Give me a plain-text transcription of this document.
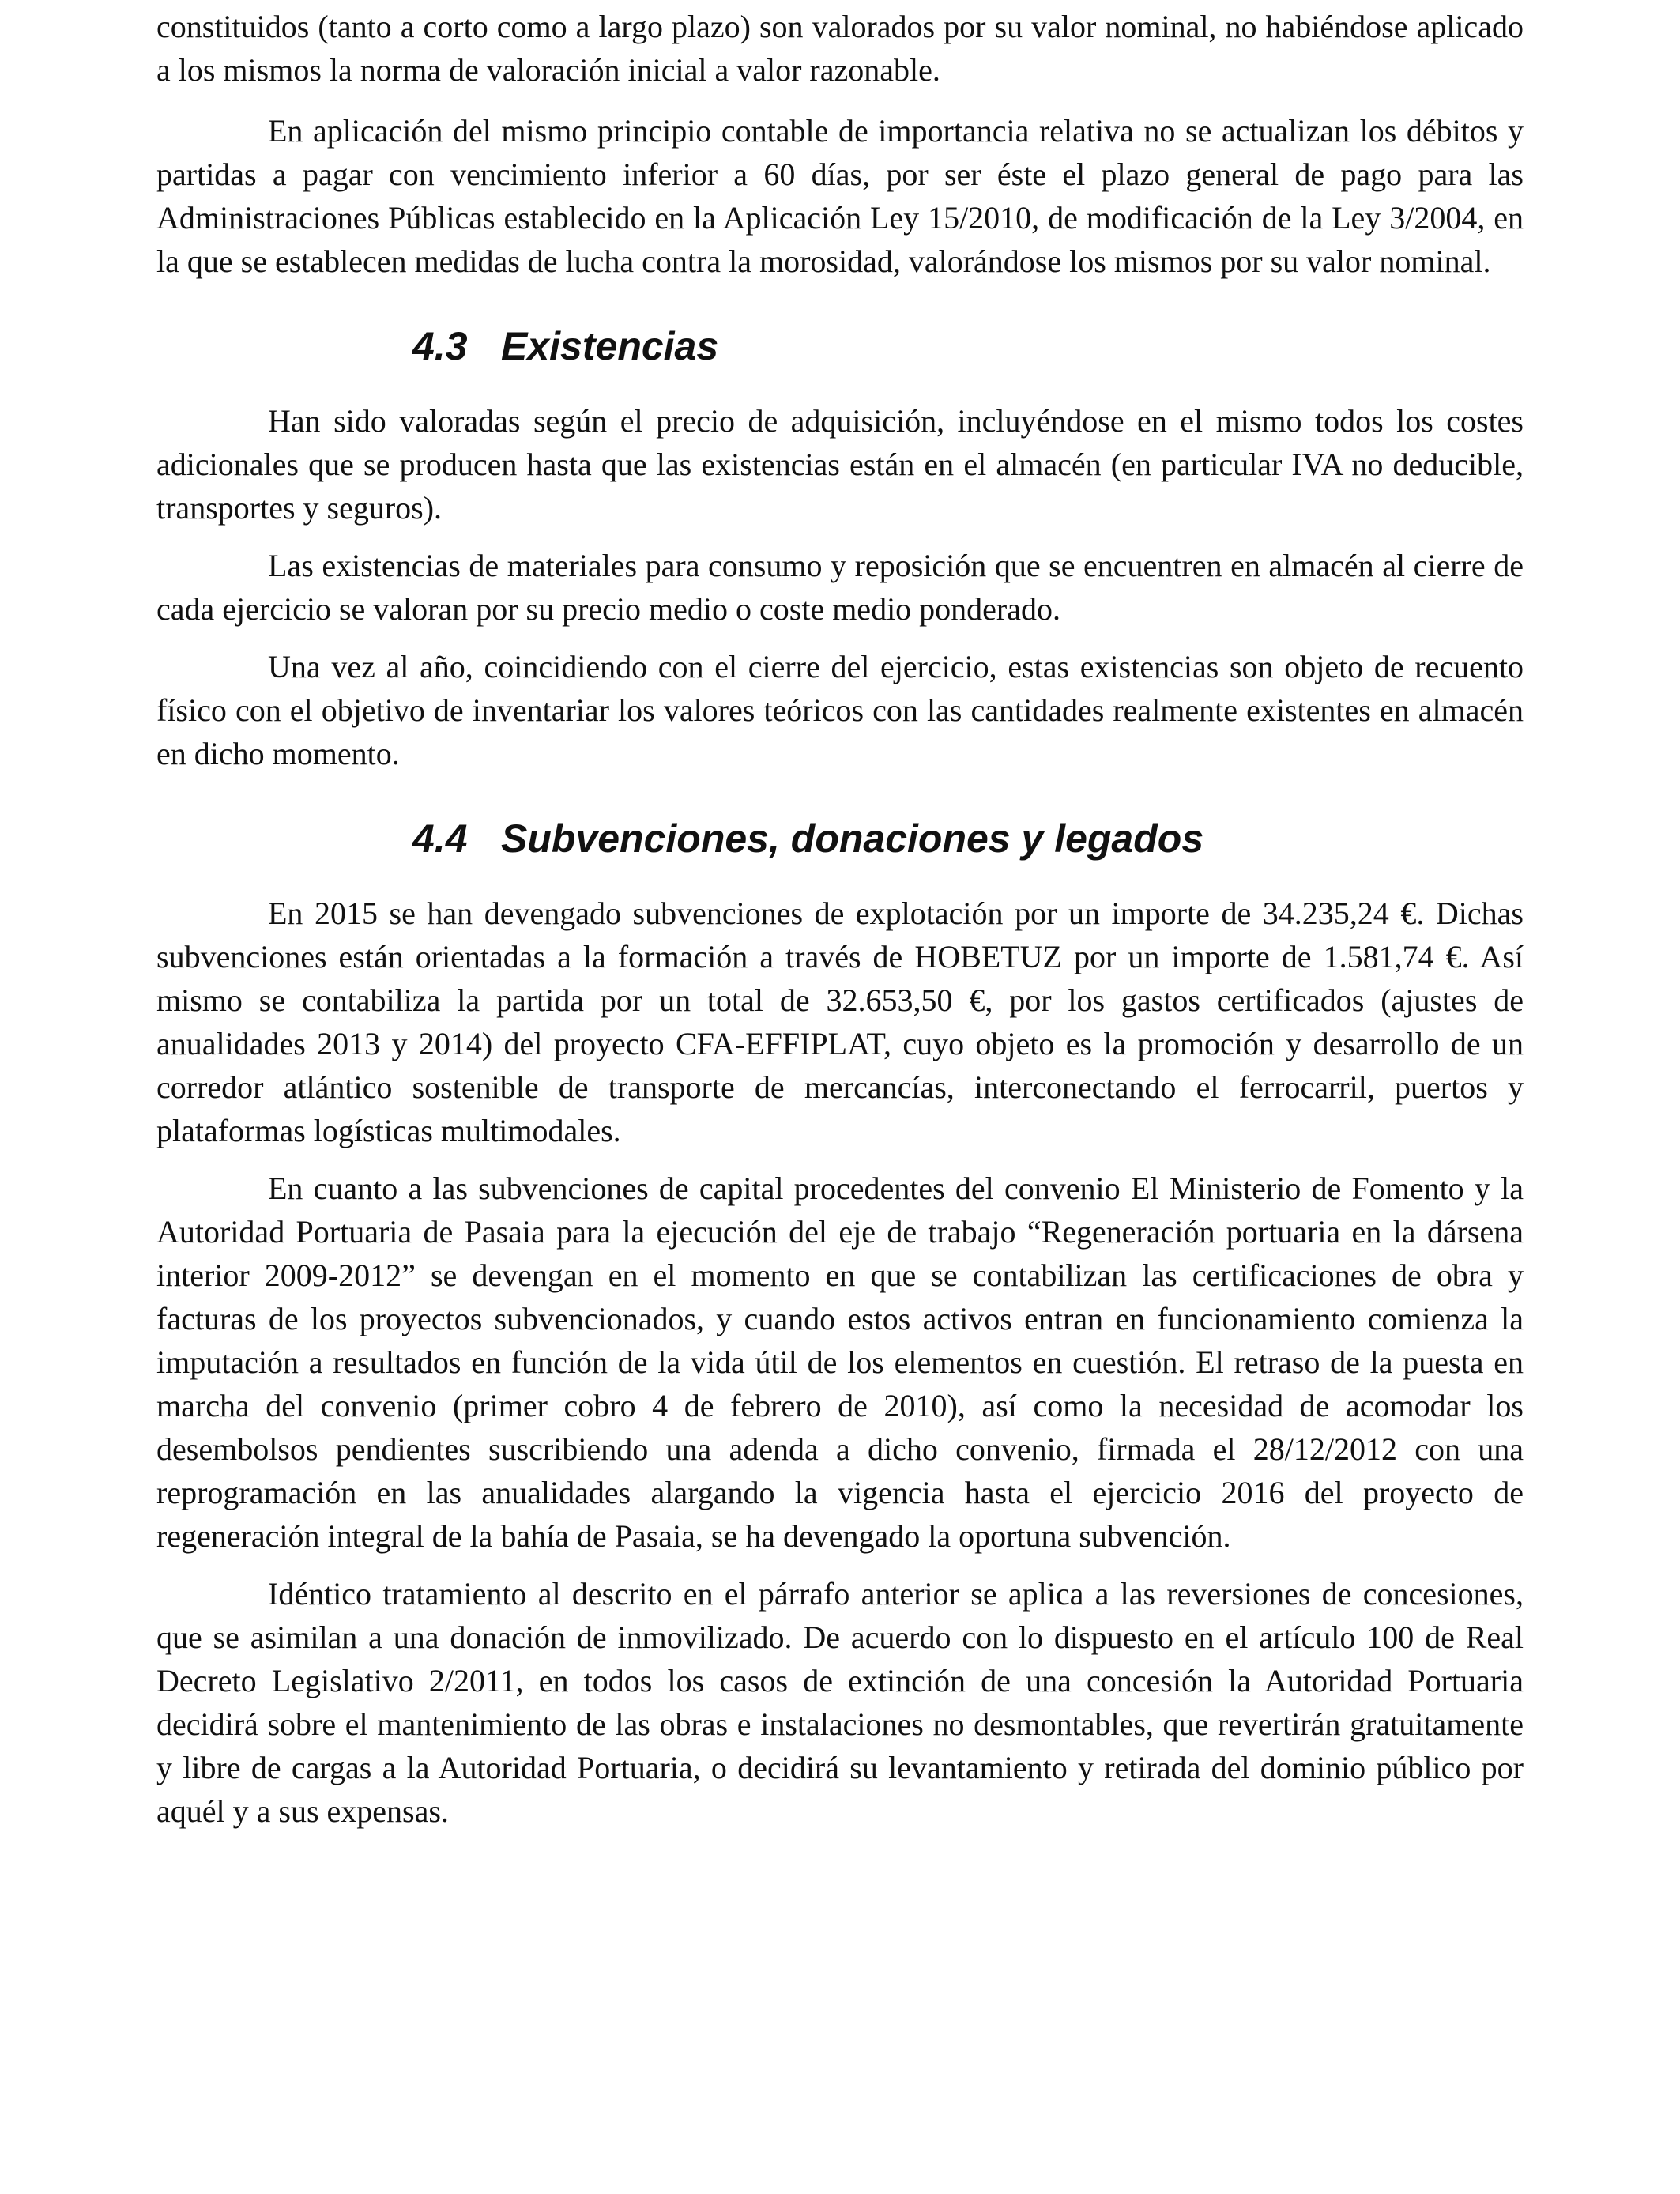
constituidos (tanto a corto como a largo plazo) son valorados por su valor nominal, no habiéndose aplicado a los mismos la norma de valoración inicial a valor razonable.

En aplicación del mismo principio contable de importancia relativa no se actualizan los débitos y partidas a pagar con vencimiento inferior a 60 días, por ser éste el plazo general de pago para las Administraciones Públicas establecido en la Aplicación Ley 15/2010, de modificación de la Ley 3/2004, en la que se establecen medidas de lucha contra la morosidad, valorándose los mismos por su valor nominal.

4.3 Existencias

Han sido valoradas según el precio de adquisición, incluyéndose en el mismo todos los costes adicionales que se producen hasta que las existencias están en el almacén (en particular IVA no deducible, transportes y seguros).

Las existencias de materiales para consumo y reposición que se encuentren en almacén al cierre de cada ejercicio se valoran por su precio medio o coste medio ponderado.

Una vez al año, coincidiendo con el cierre del ejercicio, estas existencias son objeto de recuento físico con el objetivo de inventariar los valores teóricos con las cantidades realmente existentes en almacén en dicho momento.

4.4 Subvenciones, donaciones y legados

En 2015 se han devengado subvenciones de explotación por un importe de 34.235,24 €. Dichas subvenciones están orientadas a la formación a través de HOBETUZ por un importe de 1.581,74 €. Así mismo se contabiliza la partida por un total de 32.653,50 €, por los gastos certificados (ajustes de anualidades 2013 y 2014) del proyecto CFA-EFFIPLAT, cuyo objeto es la promoción y desarrollo de un corredor atlántico sostenible de transporte de mercancías, interconectando el ferrocarril, puertos y plataformas logísticas multimodales.

En cuanto a las subvenciones de capital procedentes del convenio El Ministerio de Fomento y la Autoridad Portuaria de Pasaia para la ejecución del eje de trabajo “Regeneración portuaria en la dársena interior 2009-2012” se devengan en el momento en que se contabilizan las certificaciones de obra y facturas de los proyectos subvencionados, y cuando estos activos entran en funcionamiento comienza la imputación a resultados en función de la vida útil de los elementos en cuestión. El retraso de la puesta en marcha del convenio (primer cobro 4 de febrero de 2010), así como la necesidad de acomodar los desembolsos pendientes suscribiendo una adenda a dicho convenio, firmada el 28/12/2012 con una reprogramación en las anualidades alargando la vigencia hasta el ejercicio 2016 del proyecto de regeneración integral de la bahía de Pasaia, se ha devengado la oportuna subvención.

Idéntico tratamiento al descrito en el párrafo anterior se aplica a las reversiones de concesiones, que se asimilan a una donación de inmovilizado. De acuerdo con lo dispuesto en el artículo 100 de Real Decreto Legislativo 2/2011, en todos los casos de extinción de una concesión la Autoridad Portuaria decidirá sobre el mantenimiento de las obras e instalaciones no desmontables, que revertirán gratuitamente y libre de cargas a la Autoridad Portuaria, o decidirá su levantamiento y retirada del dominio público por aquél y a sus expensas.
